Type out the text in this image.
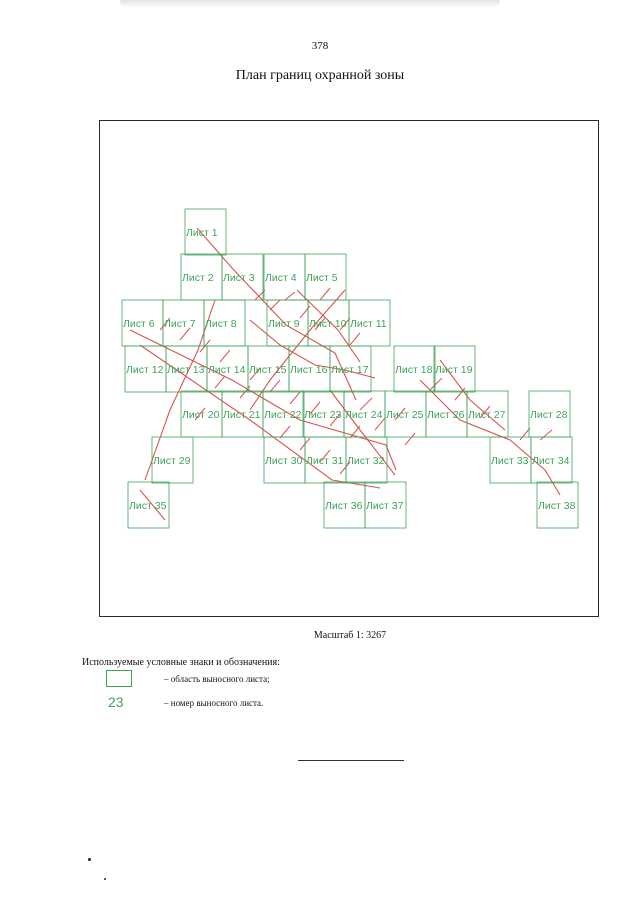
378
План границ охранной зоны
Лист 1
Лист 2 Лист 3 Лист 4 Лист 5
Лист 6 Лист 7 Лист 8	Лист 9 Лист 10 Лист 11
Лист 12 Лист 13 Лист 14 Лист 15 Лист 16 Лист 17	Лист 18 Лист 19
Лист 20 Лист 21 Лист 22 Лист 23 Лист 24 Лист 25 Лист 26 Лист 27 Лист 28
Лист 29	Лист 30 Лист 31 Лист 32	Лист 33 Лист 34
Лист 35	Лист 36 Лист 37	Лист 38
Масштаб 1: 3267
Используемые условные знаки и обозначения:
– область выносного листа;
23	– номер выносного листа.
